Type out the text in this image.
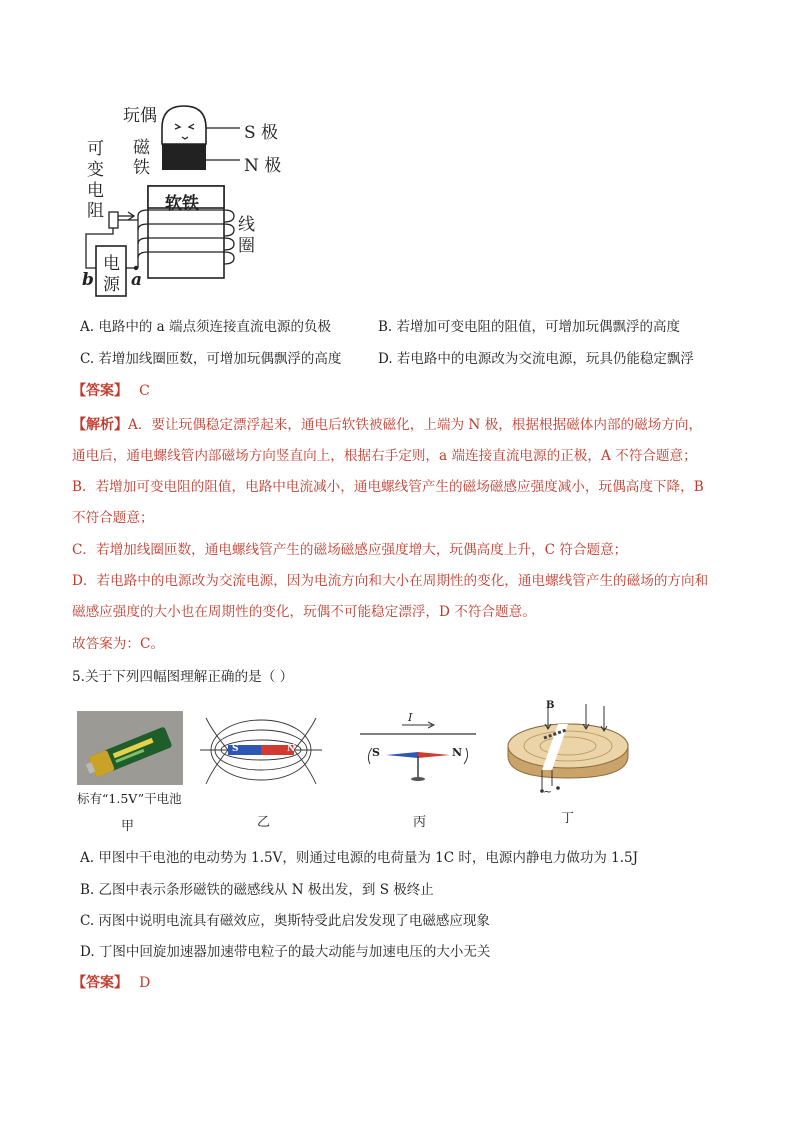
玩偶
磁
铁
S 极
N 极
可
变
电
阻	软铁
线
圈
电
源
b a
A. 电路中的 a 端点须连接直流电源的负极	B. 若增加可变电阻的阻值，可增加玩偶飘浮的高度
C. 若增加线圈匝数，可增加玩偶飘浮的高度	D. 若电路中的电源改为交流电源，玩具仍能稳定飘浮
【答案】 C
【解析】A．要让玩偶稳定漂浮起来，通电后软铁被磁化，上端为 N 极，根据根据磁体内部的磁场方向，
通电后，通电螺线管内部磁场方向竖直向上，根据右手定则，a 端连接直流电源的正极，A 不符合题意；
B．若增加可变电阻的阻值，电路中电流减小，通电螺线管产生的磁场磁感应强度减小，玩偶高度下降，B
不符合题意；
C．若增加线圈匝数，通电螺线管产生的磁场磁感应强度增大，玩偶高度上升，C 符合题意；
D．若电路中的电源改为交流电源，因为电流方向和大小在周期性的变化，通电螺线管产生的磁场的方向和
磁感应强度的大小也在周期性的变化，玩偶不可能稳定漂浮，D 不符合题意。
故答案为：C。
5.关于下列四幅图理解正确的是（ ）
标有“1.5V”干电池
甲
S	N
乙
I
S	N
丙
B
~
丁
A. 甲图中干电池的电动势为 1.5V，则通过电源的电荷量为 1C 时，电源内静电力做功为 1.5J
B. 乙图中表示条形磁铁的磁感线从 N 极出发，到 S 极终止
C. 丙图中说明电流具有磁效应，奥斯特受此启发发现了电磁感应现象
D. 丁图中回旋加速器加速带电粒子的最大动能与加速电压的大小无关
【答案】 D
